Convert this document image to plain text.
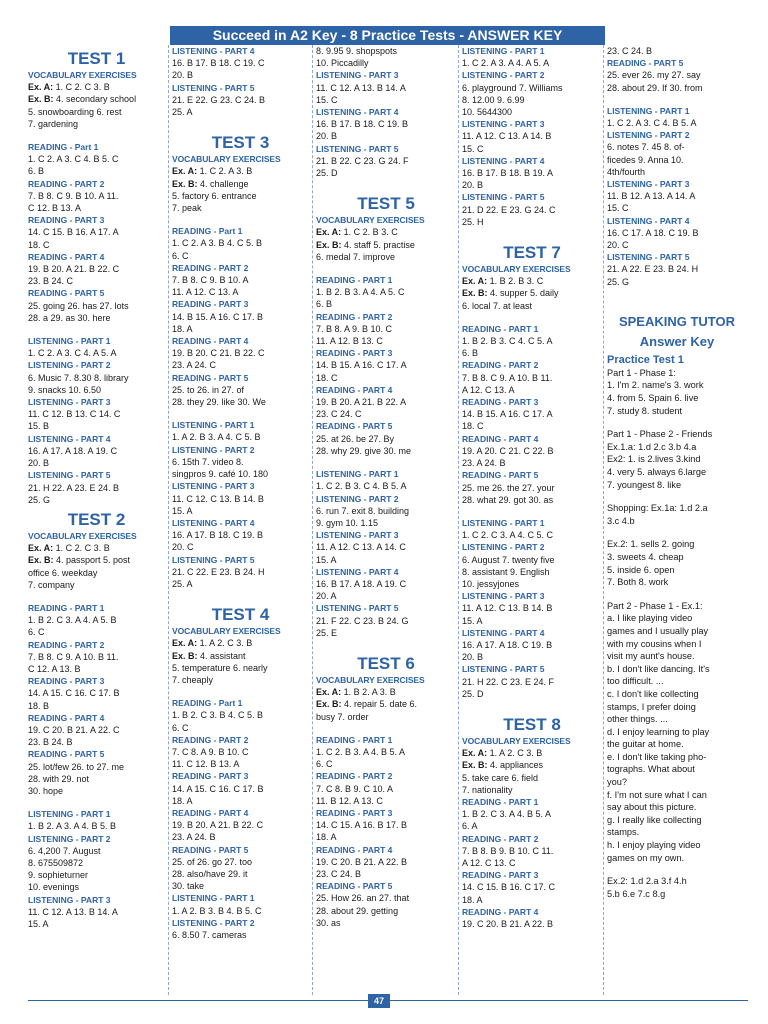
Succeed in A2 Key - 8 Practice Tests - ANSWER KEY
TEST 1

VOCABULARY EXERCISES

Ex. A: 1. C 2. C 3. B

Ex. B: 4. secondary school

5. snowboarding 6. rest

7. gardening

READING - Part 1

1. C 2. A 3. C 4. B 5. C

6. B

READING - PART 2

7. B 8. C 9. B 10. A 11.

C 12. B 13. A

READING - PART 3

14. C 15. B 16. A 17. A

18. C

READING - PART 4

19. B 20. A 21. B 22. C

23. B 24. C

READING - PART 5

25. going 26. has 27. lots

28. a 29. as 30. here

LISTENING - PART 1

1. C 2. A 3. C 4. A 5. A

LISTENING - PART 2

6. Music 7. 8.30 8. library

9. snacks 10. 6.50

LISTENING - PART 3

11. C 12. B 13. C 14. C

15. B

LISTENING - PART 4

16. A 17. A 18. A 19. C

20. B

LISTENING - PART 5

21. H 22. A 23. E 24. B

25. G

TEST 2

VOCABULARY EXERCISES

Ex. A: 1. C 2. C 3. B

Ex. B: 4. passport 5. post

office 6. weekday

7. company

READING - PART 1

1. B 2. C 3. A 4. A 5. B

6. C

READING - PART 2

7. B 8. C 9. A 10. B 11.

C 12. A 13. B

READING - PART 3

14. A 15. C 16. C 17. B

18. B

READING - PART 4

19. C 20. B 21. A 22. C

23. B 24. B

READING - PART 5

25. lot/few 26. to 27. me

28. with 29. not

30. hope

LISTENING - PART 1

1. B 2. A 3. A 4. B 5. B

LISTENING - PART 2

6. 4,200 7. August

8. 675509872

9. sophieturner

10. evenings

LISTENING - PART 3

11. C 12. A 13. B 14. A

15. A

LISTENING - PART 4

16. B 17. B 18. C 19. C

20. B

LISTENING - PART 5

21. E 22. G 23. C 24. B

25. A

TEST 3

VOCABULARY EXERCISES

Ex. A: 1. C 2. A 3. B

Ex. B: 4. challenge

5. factory 6. entrance

7. peak

READING - Part 1

1. C 2. A 3. B 4. C 5. B

6. C

READING - PART 2

7. B 8. C 9. B 10. A

11. A 12. C 13. A

READING - PART 3

14. B 15. A 16. C 17. B

18. A

READING - PART 4

19. B 20. C 21. B 22. C

23. A 24. C

READING - PART 5

25. to 26. in 27. of

28. they 29. like 30. We

LISTENING - PART 1

1. A 2. B 3. A 4. C 5. B

LISTENING - PART 2

6. 15th 7. video 8.

singpros 9. café 10. 180

LISTENING - PART 3

11. C 12. C 13. B 14. B

15. A

LISTENING - PART 4

16. A 17. B 18. C 19. B

20. C

LISTENING - PART 5

21. C 22. E 23. B 24. H

25. A

TEST 4

VOCABULARY EXERCISES

Ex. A: 1. A 2. C 3. B

Ex. B: 4. assistant

5. temperature 6. nearly

7. cheaply

READING - Part 1

1. B 2. C 3. B 4. C 5. B

6. C

READING - PART 2

7. C 8. A 9. B 10. C

11. C 12. B 13. A

READING - PART 3

14. A 15. C 16. C 17. B

18. A

READING - PART 4

19. B 20. A 21. B 22. C

23. A 24. B

READING - PART 5

25. of 26. go 27. too

28. also/have 29. it

30. take

LISTENING - PART 1

1. A 2. B 3. B 4. B 5. C

LISTENING - PART 2

6. 8.50 7. cameras

8. 9.95 9. shopspots

10. Piccadilly

LISTENING - PART 3

11. C 12. A 13. B 14. A

15. C

LISTENING - PART 4

16. B 17. B 18. C 19. B

20. B

LISTENING - PART 5

21. B 22. C 23. G 24. F

25. D

TEST 5

VOCABULARY EXERCISES

Ex. A: 1. C 2. B 3. C

Ex. B: 4. staff 5. practise

6. medal 7. improve

READING - PART 1

1. B 2. B 3. A 4. A 5. C

6. B

READING - PART 2

7. B 8. A 9. B 10. C

11. A 12. B 13. C

READING - PART 3

14. B 15. A 16. C 17. A

18. C

READING - PART 4

19. B 20. A 21. B 22. A

23. C 24. C

READING - PART 5

25. at 26. be 27. By

28. why 29. give 30. me

LISTENING - PART 1

1. C 2. B 3. C 4. B 5. A

LISTENING - PART 2

6. run 7. exit 8. building

9. gym 10. 1.15

LISTENING - PART 3

11. A 12. C 13. A 14. C

15. A

LISTENING - PART 4

16. B 17. A 18. A 19. C

20. A

LISTENING - PART 5

21. F 22. C 23. B 24. G

25. E

TEST 6

VOCABULARY EXERCISES

Ex. A: 1. B 2. A 3. B

Ex. B: 4. repair 5. date 6.

busy 7. order

READING - PART 1

1. C 2. B 3. A 4. B 5. A

6. C

READING - PART 2

7. C 8. B 9. C 10. A

11. B 12. A 13. C

READING - PART 3

14. C 15. A 16. B 17. B

18. A

READING - PART 4

19. C 20. B 21. A 22. B

23. C 24. B

READING - PART 5

25. How 26. an 27. that

28. about 29. getting

30. as

LISTENING - PART 1

1. C 2. A 3. A 4. A 5. A

LISTENING - PART 2

6. playground 7. Williams

8. 12.00 9. 6.99

10. 5644300

LISTENING - PART 3

11. A 12. C 13. A 14. B

15. C

LISTENING - PART 4

16. B 17. B 18. B 19. A

20. B

LISTENING - PART 5

21. D 22. E 23. G 24. C

25. H

TEST 7

VOCABULARY EXERCISES

Ex. A: 1. B 2. B 3. C

Ex. B: 4. supper 5. daily

6. local 7. at least

READING - PART 1

1. B 2. B 3. C 4. C 5. A

6. B

READING - PART 2

7. B 8. C 9. A 10. B 11.

A 12. C 13. A

READING - PART 3

14. B 15. A 16. C 17. A

18. C

READING - PART 4

19. A 20. C 21. C 22. B

23. A 24. B

READING - PART 5

25. me 26. the 27. your

28. what 29. got 30. as

LISTENING - PART 1

1. C 2. C 3. A 4. C 5. C

LISTENING - PART 2

6. August 7. twenty five

8. assistant 9. English

10. jessyjones

LISTENING - PART 3

11. A 12. C 13. B 14. B

15. A

LISTENING - PART 4

16. A 17. A 18. C 19. B

20. B

LISTENING - PART 5

21. H 22. C 23. E 24. F

25. D

TEST 8

VOCABULARY EXERCISES

Ex. A: 1. A 2. C 3. B

Ex. B: 4. appliances

5. take care 6. field

7. nationality

READING - PART 1

1. B 2. C 3. A 4. B 5. A

6. A

READING - PART 2

7. B 8. B 9. B 10. C 11.

A 12. C 13. C

READING - PART 3

14. C 15. B 16. C 17. C

18. A

READING - PART 4

19. C 20. B 21. A 22. B

23. C 24. B

READING - PART 5

25. ever 26. my 27. say

28. about 29. If 30. from

LISTENING - PART 1

1. C 2. A 3. C 4. B 5. A

LISTENING - PART 2

6. notes 7. 45 8. of-

ficedes 9. Anna 10.

4th/fourth

LISTENING - PART 3

11. B 12. A 13. A 14. A

15. C

LISTENING - PART 4

16. C 17. A 18. C 19. B

20. C

LISTENING - PART 5

21. A 22. E 23. B 24. H

25. G

SPEAKING TUTOR
Answer Key
Practice Test 1

Part 1 - Phase 1:

1. I'm 2. name's 3. work

4. from 5. Spain 6. live

7. study 8. student

Part 1 - Phase 2 - Friends

Ex.1.a: 1.d 2.c 3.b 4.a

Ex2: 1. is 2.lives 3.kind

4. very 5. always 6.large

7. youngest 8. like

Shopping: Ex.1a: 1.d 2.a

3.c 4.b

Ex.2: 1. sells 2. going

3. sweets 4. cheap

5. inside 6. open

7. Both 8. work

Part 2 - Phase 1 - Ex.1:

a. I like playing video

games and I usually play

with my cousins when I

visit my aunt's house.

b. I don't like dancing. It's

too difficult. ...

c. I don't like collecting

stamps, I prefer doing

other things. ...

d. I enjoy learning to play

the guitar at home.

e. I don't like taking pho-

tographs. What about

you?

f. I'm not sure what I can

say about this picture.

g. I really like collecting

stamps.

h. I enjoy playing video

games on my own.

Ex.2: 1.d 2.a 3.f 4.h

5.b 6.e 7.c 8.g

47
